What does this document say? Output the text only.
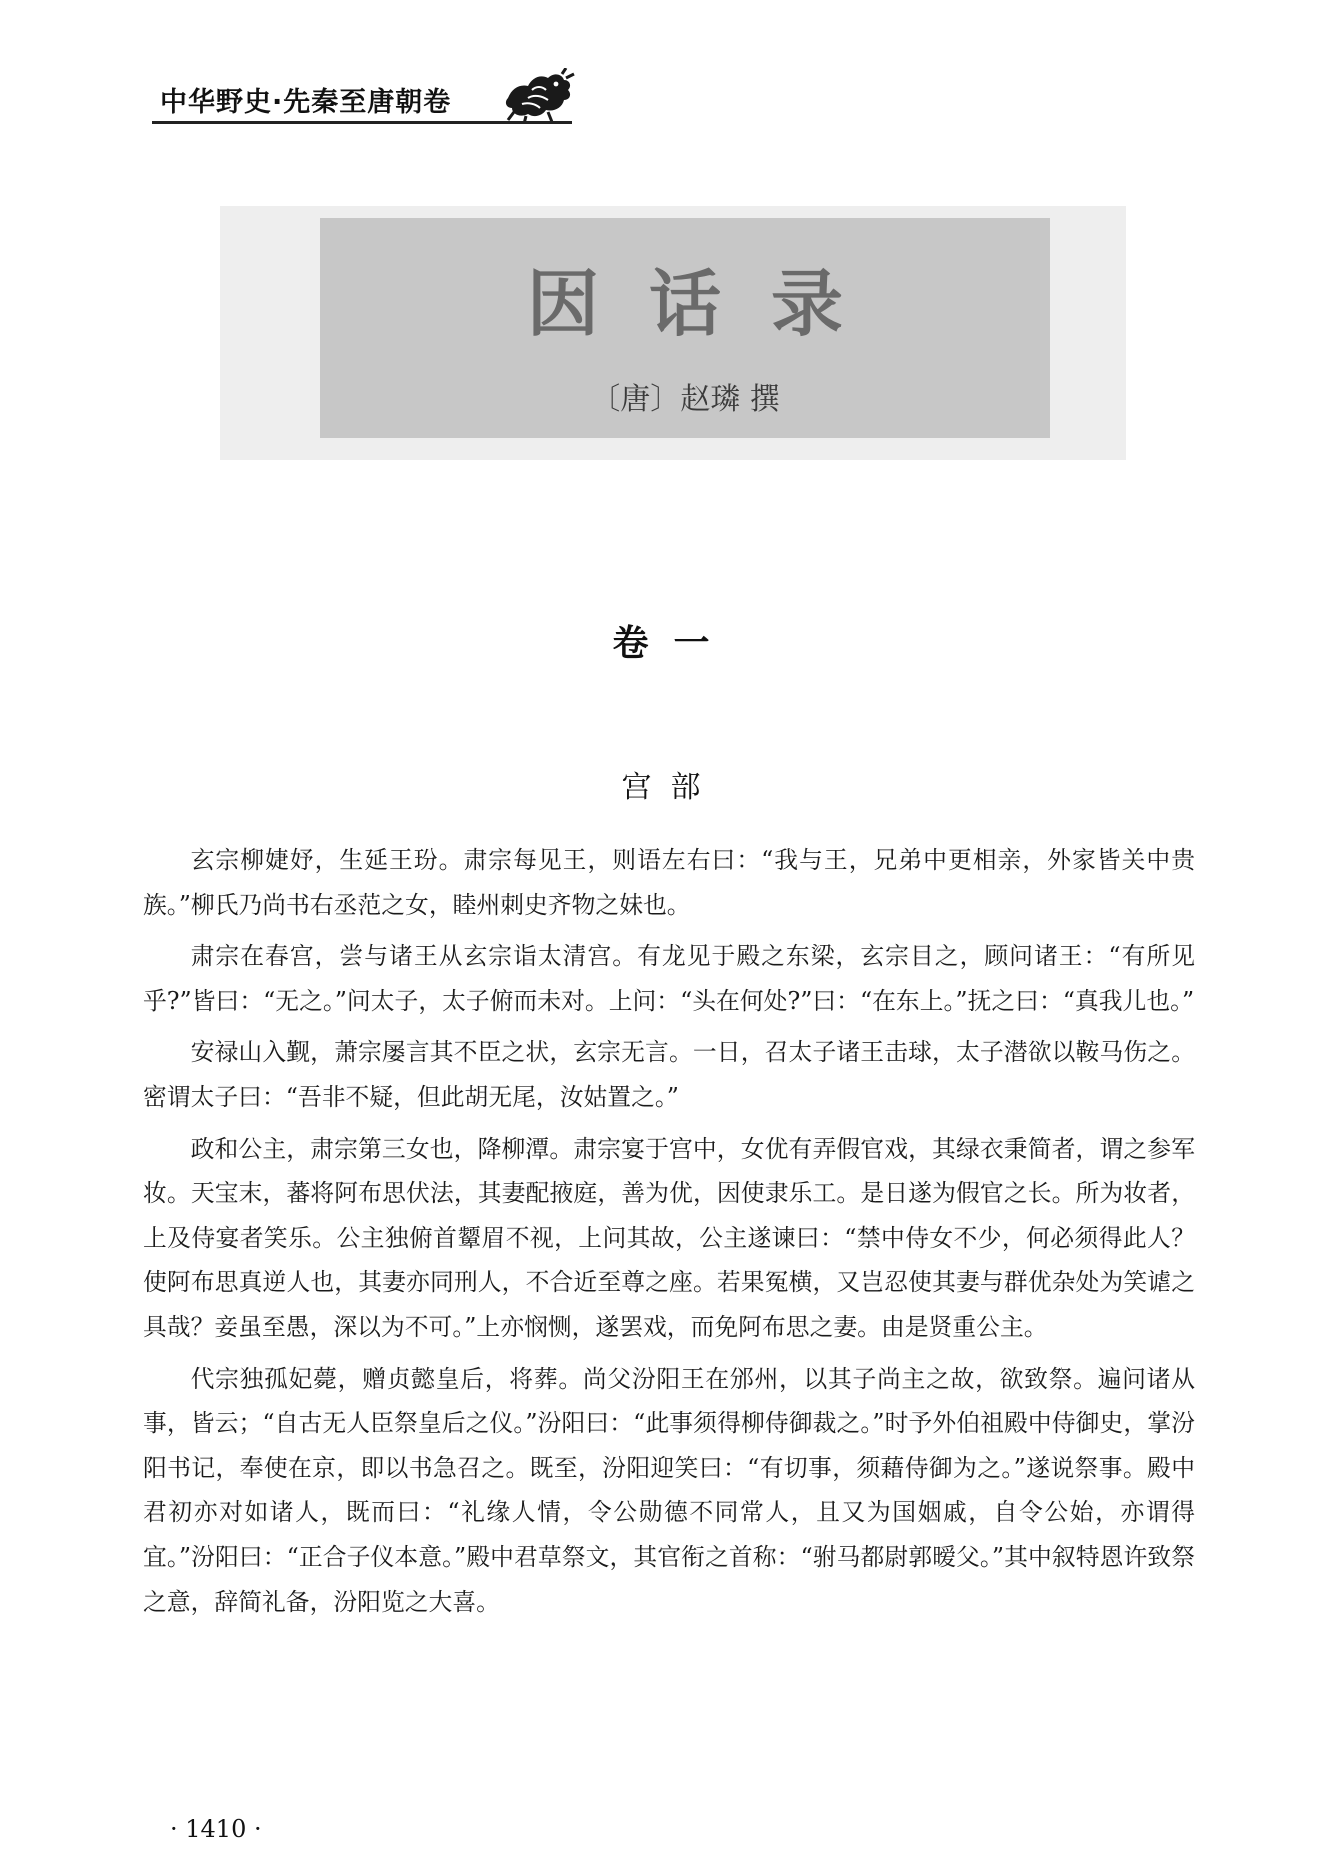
中华野史·先秦至唐朝卷
因话录
〔唐〕赵璘 撰
卷  一
宫  部

玄宗柳婕妤，生延王玢。肃宗每见王，则语左右曰：“我与王，兄弟中更相亲，外家皆关中贵族。”柳氏乃尚书右丞范之女，睦州刺史齐物之妹也。

肃宗在春宫，尝与诸王从玄宗诣太清宫。有龙见于殿之东梁，玄宗目之，顾问诸王：“有所见乎?”皆曰：“无之。”问太子，太子俯而未对。上问：“头在何处?”曰：“在东上。”抚之曰：“真我儿也。”

安禄山入觐，萧宗屡言其不臣之状，玄宗无言。一日，召太子诸王击球，太子潜欲以鞍马伤之。密谓太子曰：“吾非不疑，但此胡无尾，汝姑置之。”

政和公主，肃宗第三女也，降柳潭。肃宗宴于宫中，女优有弄假官戏，其绿衣秉简者，谓之参军妆。天宝末，蕃将阿布思伏法，其妻配掖庭，善为优，因使隶乐工。是日遂为假官之长。所为妆者，上及侍宴者笑乐。公主独俯首颦眉不视，上问其故，公主遂谏曰：“禁中侍女不少，何必须得此人？使阿布思真逆人也，其妻亦同刑人，不合近至尊之座。若果冤横，又岂忍使其妻与群优杂处为笑谑之具哉？妾虽至愚，深以为不可。”上亦悯恻，遂罢戏，而免阿布思之妻。由是贤重公主。

代宗独孤妃薨，赠贞懿皇后，将葬。尚父汾阳王在邠州，以其子尚主之故，欲致祭。遍问诸从事，皆云；“自古无人臣祭皇后之仪。”汾阳曰：“此事须得柳侍御裁之。”时予外伯祖殿中侍御史，掌汾阳书记，奉使在京，即以书急召之。既至，汾阳迎笑曰：“有切事，须藉侍御为之。”遂说祭事。殿中君初亦对如诸人，既而曰：“礼缘人情，令公勋德不同常人，且又为国姻戚，自令公始，亦谓得宜。”汾阳曰：“正合子仪本意。”殿中君草祭文，其官衔之首称：“驸马都尉郭暧父。”其中叙特恩许致祭之意，辞简礼备，汾阳览之大喜。

· 1410 ·
